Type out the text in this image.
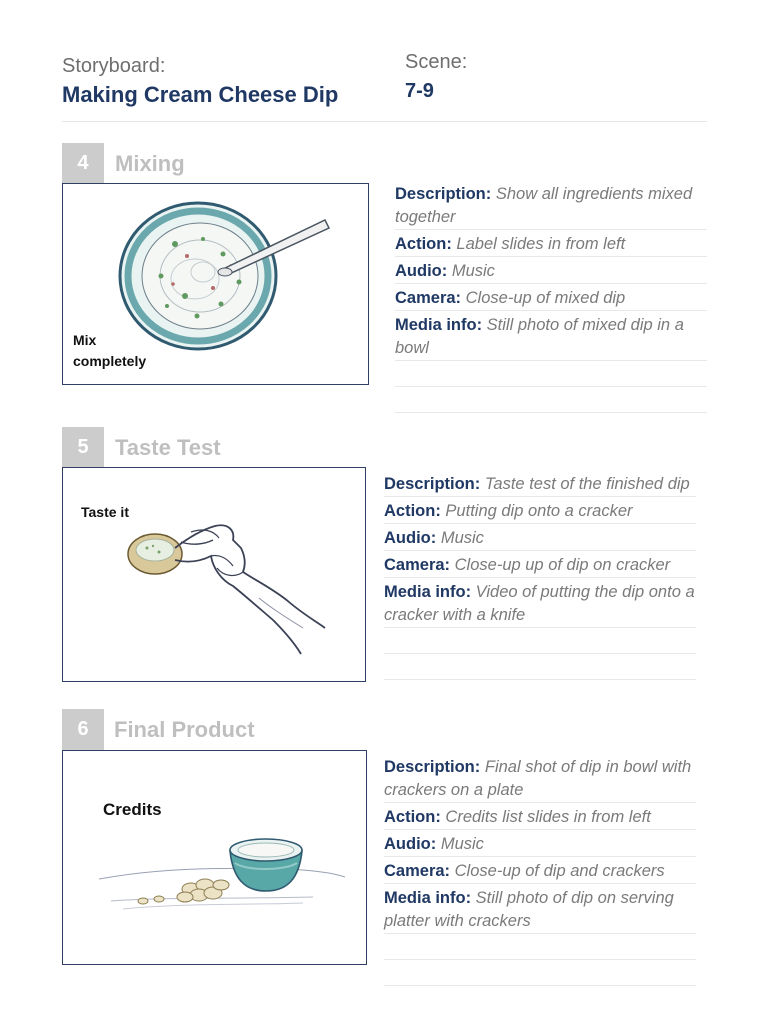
Storyboard:
Making Cream Cheese Dip
Scene:
7-9
4	Mixing
Mix
completely
Description: Show all ingredients mixed together
Action: Label slides in from left
Audio: Music
Camera: Close-up of mixed dip
Media info: Still photo of mixed dip in a bowl
5	Taste Test
Taste it
Description: Taste test of the finished dip
Action: Putting dip onto a cracker
Audio: Music
Camera: Close-up up of dip on cracker
Media info: Video of putting the dip onto a cracker with a knife
6	Final Product
Credits
Description: Final shot of dip in bowl with crackers on a plate
Action: Credits list slides in from left
Audio: Music
Camera: Close-up of dip and crackers
Media info: Still photo of dip on serving platter with crackers
